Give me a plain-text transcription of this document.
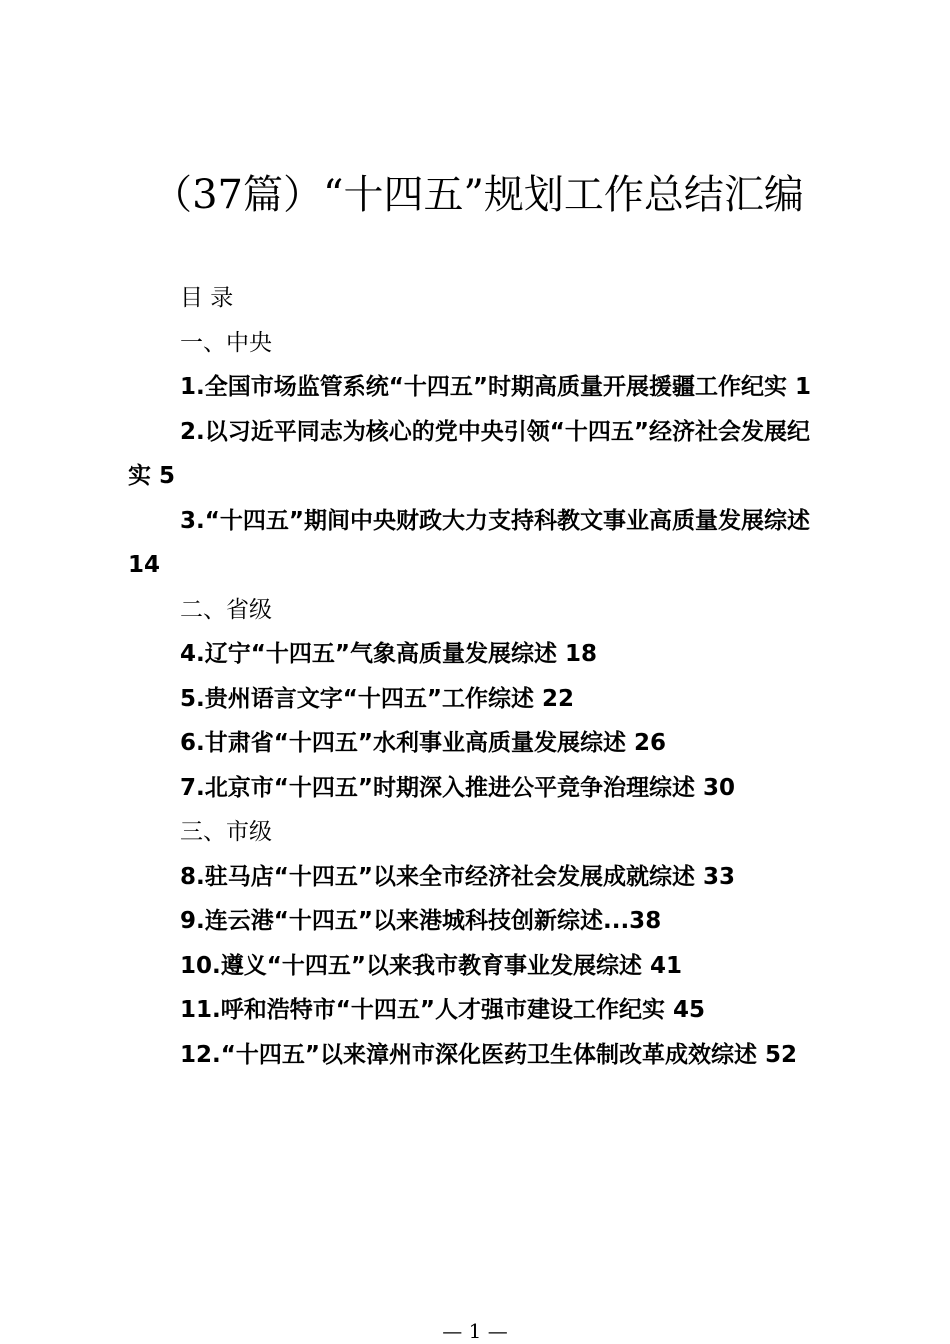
（37篇）“十四五”规划工作总结汇编

目 录

一、中央

1.全国市场监管系统“十四五”时期高质量开展援疆工作纪实 1

2.以习近平同志为核心的党中央引领“十四五”经济社会发展纪实 5

3.“十四五”期间中央财政大力支持科教文事业高质量发展综述 14

二、省级

4.辽宁“十四五”气象高质量发展综述 18

5.贵州语言文字“十四五”工作综述 22

6.甘肃省“十四五”水利事业高质量发展综述 26

7.北京市“十四五”时期深入推进公平竞争治理综述 30

三、市级

8.驻马店“十四五”以来全市经济社会发展成就综述 33

9.连云港“十四五”以来港城科技创新综述...38

10.遵义“十四五”以来我市教育事业发展综述 41

11.呼和浩特市“十四五”人才强市建设工作纪实 45

12.“十四五”以来漳州市深化医药卫生体制改革成效综述 52

— 1 —
